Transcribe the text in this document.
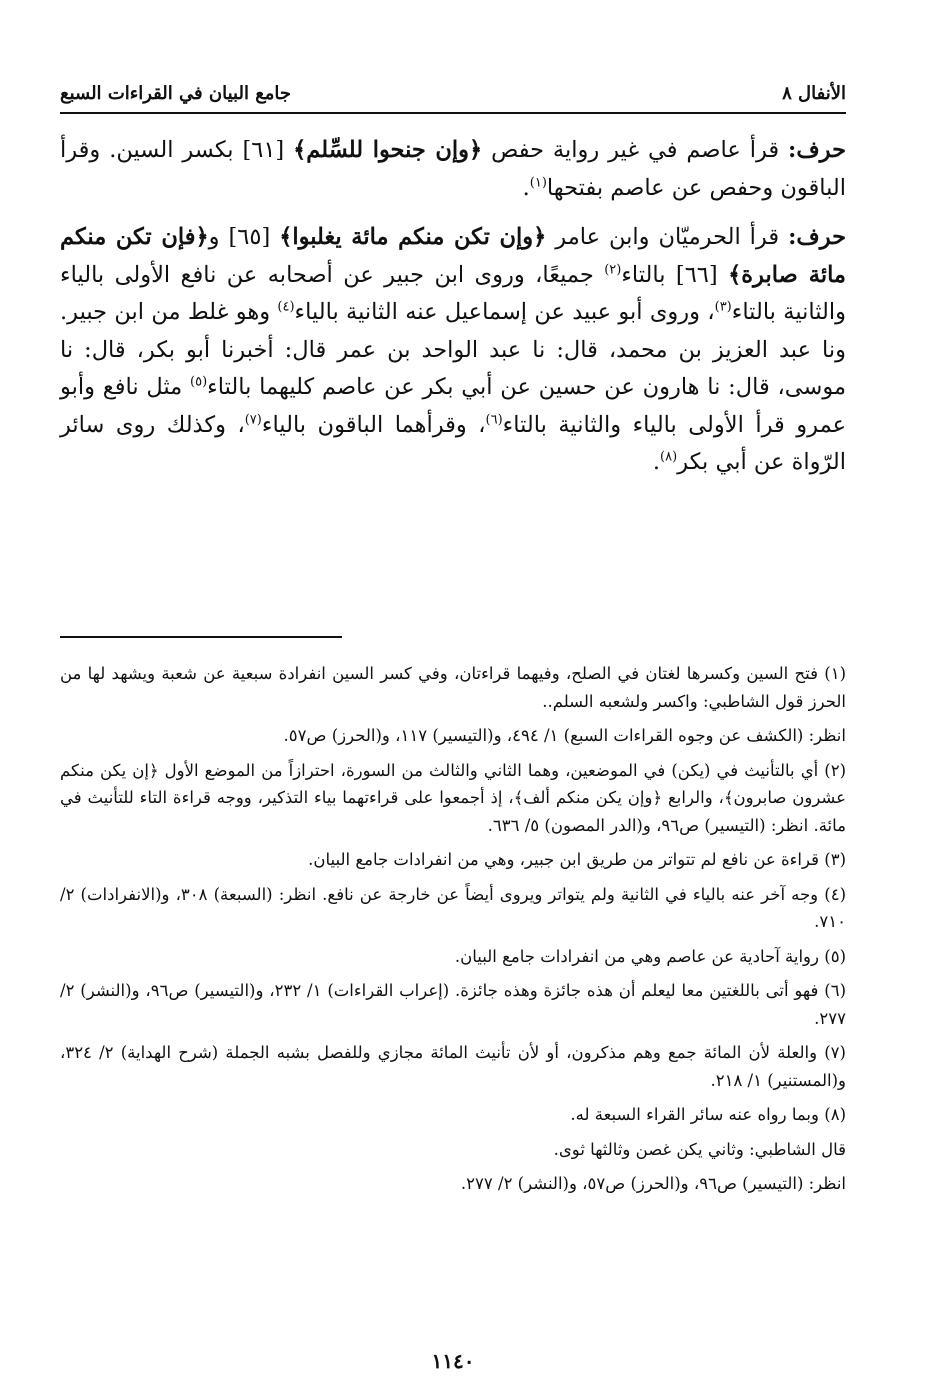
الأنفال ٨
جامع البيان في القراءات السبع

حرف: قرأ عاصم في غير رواية حفص ﴿وإن جنحوا للسِّلم﴾ [٦١] بكسر السين. وقرأ الباقون وحفص عن عاصم بفتحها$^{(١)}$.

حرف: قرأ الحرميّان وابن عامر ﴿وإن تكن منكم مائة يغلبوا﴾ [٦٥] و﴿فإن تكن منكم مائة صابرة﴾ [٦٦] بالتاء$^{(٢)}$ جميعًا، وروى ابن جبير عن أصحابه عن نافع الأولى بالياء والثانية بالتاء$^{(٣)}$، وروى أبو عبيد عن إسماعيل عنه الثانية بالياء$^{(٤)}$ وهو غلط من ابن جبير. ونا عبد العزيز بن محمد، قال: نا عبد الواحد بن عمر قال: أخبرنا أبو بكر، قال: نا موسى، قال: نا هارون عن حسين عن أبي بكر عن عاصم كليهما بالتاء$^{(٥)}$ مثل نافع وأبو عمرو قرأ الأولى بالياء والثانية بالتاء$^{(٦)}$، وقرأهما الباقون بالياء$^{(٧)}$، وكذلك روى سائر الرّواة عن أبي بكر$^{(٨)}$.

(١) فتح السين وكسرها لغتان في الصلح، وفيهما قراءتان، وفي كسر السين انفرادة سبعية عن شعبة ويشهد لها من الحرز قول الشاطبي: واكسر ولشعبه السلم..
انظر: (الكشف عن وجوه القراءات السبع) ١/ ٤٩٤، و(التيسير) ١١٧، و(الحرز) ص٥٧.
(٢) أي بالتأنيث في (يكن) في الموضعين، وهما الثاني والثالث من السورة، احترازاً من الموضع الأول ﴿إن يكن منكم عشرون صابرون﴾، والرابع ﴿وإن يكن منكم ألف﴾، إذ أجمعوا على قراءتهما بياء التذكير، ووجه قراءة التاء للتأنيث في مائة. انظر: (التيسير) ص٩٦، و(الدر المصون) ٥/ ٦٣٦.
(٣) قراءة عن نافع لم تتواتر من طريق ابن جبير، وهي من انفرادات جامع البيان.
(٤) وجه آخر عنه بالياء في الثانية ولم يتواتر ويروى أيضاً عن خارجة عن نافع. انظر: (السبعة) ٣٠٨، و(الانفرادات) ٢/ ٧١٠.
(٥) رواية آحادية عن عاصم وهي من انفرادات جامع البيان.
(٦) فهو أتى باللغتين معا ليعلم أن هذه جائزة وهذه جائزة. (إعراب القراءات) ١/ ٢٣٢، و(التيسير) ص٩٦، و(النشر) ٢/ ٢٧٧.
(٧) والعلة لأن المائة جمع وهم مذكرون، أو لأن تأنيث المائة مجازي وللفصل بشبه الجملة (شرح الهداية) ٢/ ٣٢٤، و(المستنير) ١/ ٢١٨.
(٨) وبما رواه عنه سائر القراء السبعة له.
قال الشاطبي: وثاني يكن غصن وثالثها ثوى.
انظر: (التيسير) ص٩٦، و(الحرز) ص٥٧، و(النشر) ٢/ ٢٧٧.
١١٤٠
